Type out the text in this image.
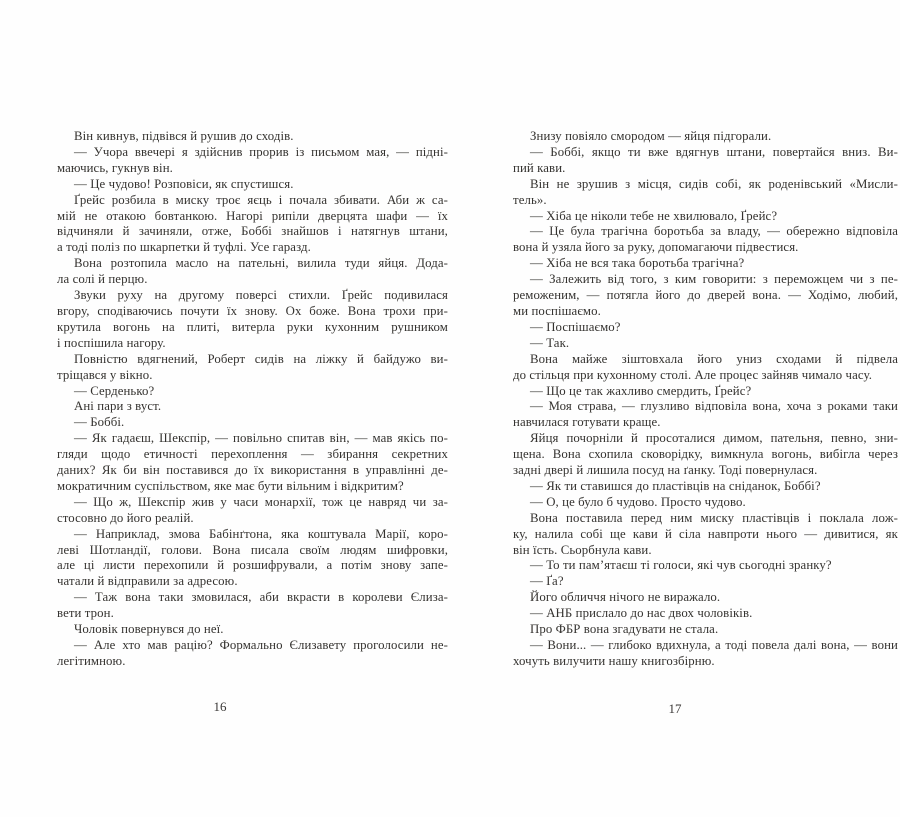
Він кивнув, підвівся й рушив до сходів.
— Учора ввечері я здійснив прорив із письмом мая, — підні-
маючись, гукнув він.
— Це чудово! Розповіси, як спустишся.
Ґрейс розбила в миску троє яєць і почала збивати. Аби ж са-
мій не отакою бовтанкою. Нагорі рипіли дверцята шафи — їх
відчиняли й зачиняли, отже, Боббі знайшов і натягнув штани,
а тоді поліз по шкарпетки й туфлі. Усе гаразд.
Вона розтопила масло на пательні, вилила туди яйця. Дода-
ла солі й перцю.
Звуки руху на другому поверсі стихли. Ґрейс подивилася
вгору, сподіваючись почути їх знову. Ох боже. Вона трохи при-
крутила вогонь на плиті, витерла руки кухонним рушником
і поспішила нагору.
Повністю вдягнений, Роберт сидів на ліжку й байдужо ви-
тріщався у вікно.
— Серденько?
Ані пари з вуст.
— Боббі.
— Як гадаєш, Шекспір, — повільно спитав він, — мав якісь по-
гляди щодо етичності перехоплення — збирання секретних
даних? Як би він поставився до їх використання в управлінні де-
мократичним суспільством, яке має бути вільним і відкритим?
— Що ж, Шекспір жив у часи монархії, тож це навряд чи за-
стосовно до його реалій.
— Наприклад, змова Бабінґтона, яка коштувала Марії, коро-
леві Шотландії, голови. Вона писала своїм людям шифровки,
але ці листи перехопили й розшифрували, а потім знову запе-
чатали й відправили за адресою.
— Таж вона таки змовилася, аби вкрасти в королеви Єлиза-
вети трон.
Чоловік повернувся до неї.
— Але хто мав рацію? Формально Єлизавету проголосили не-
легітимною.
Знизу повіяло смородом — яйця підгорали.
— Боббі, якщо ти вже вдягнув штани, повертайся вниз. Ви-
пий кави.
Він не зрушив з місця, сидів собі, як роденівський «Мисли-
тель».
— Хіба це ніколи тебе не хвилювало, Ґрейс?
— Це була трагічна боротьба за владу, — обережно відповіла
вона й узяла його за руку, допомагаючи підвестися.
— Хіба не вся така боротьба трагічна?
— Залежить від того, з ким говорити: з переможцем чи з пе-
реможеним, — потягла його до дверей вона. — Ходімо, любий,
ми поспішаємо.
— Поспішаємо?
— Так.
Вона майже зіштовхала його униз сходами й підвела
до стільця при кухонному столі. Але процес зайняв чимало часу.
— Що це так жахливо смердить, Ґрейс?
— Моя страва, — глузливо відповіла вона, хоча з роками таки
навчилася готувати краще.
Яйця почорніли й просоталися димом, пательня, певно, зни-
щена. Вона схопила сковорідку, вимкнула вогонь, вибігла через
задні двері й лишила посуд на ґанку. Тоді повернулася.
— Як ти ставишся до пластівців на сніданок, Боббі?
— О, це було б чудово. Просто чудово.
Вона поставила перед ним миску пластівців і поклала лож-
ку, налила собі ще кави й сіла навпроти нього — дивитися, як
він їсть. Сьорбнула кави.
— То ти пам’ятаєш ті голоси, які чув сьогодні зранку?
— Ґа?
Його обличчя нічого не виражало.
— АНБ прислало до нас двох чоловіків.
Про ФБР вона згадувати не стала.
— Вони... — глибоко вдихнула, а тоді повела далі вона, — вони
хочуть вилучити нашу книгозбірню.
16	17
